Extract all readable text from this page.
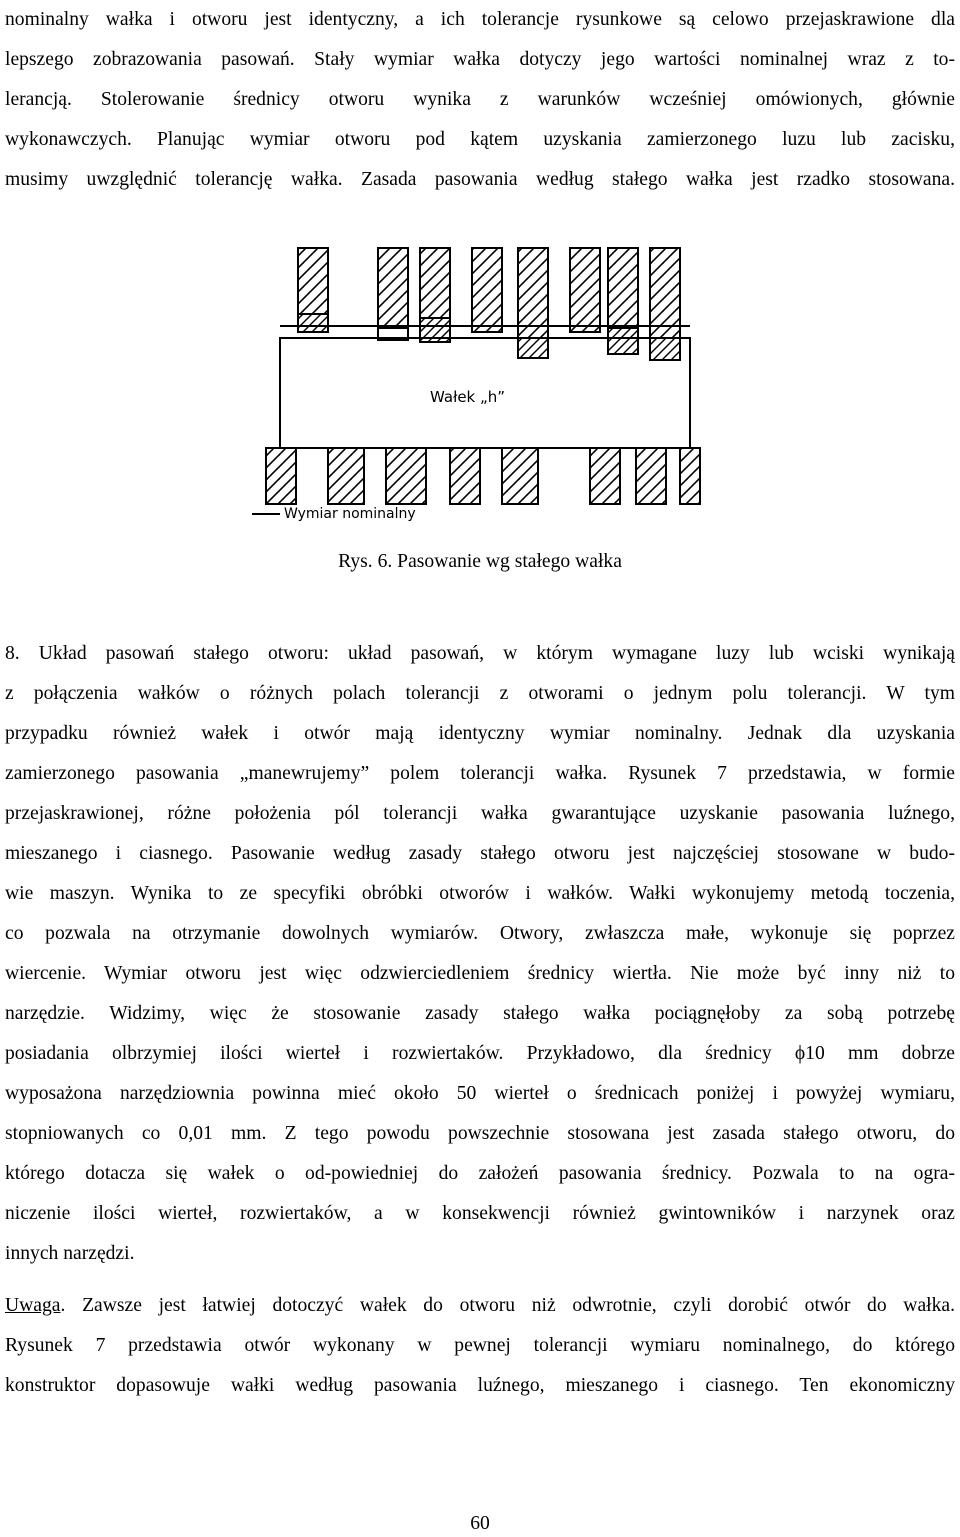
nominalny wałka i otworu jest identyczny, a ich tolerancje rysunkowe są celowo przejaskrawione dla
lepszego zobrazowania pasowań. Stały wymiar wałka dotyczy jego wartości nominalnej wraz z to-
lerancją. Stolerowanie średnicy otworu wynika z warunków wcześniej omówionych, głównie
wykonawczych. Planując wymiar otworu pod kątem uzyskania zamierzonego luzu lub zacisku,
musimy uwzględnić tolerancję wałka. Zasada pasowania według stałego wałka jest rzadko stosowana.
Wałek „h”
Wymiar nominalny
Rys. 6. Pasowanie wg stałego wałka
8. Układ pasowań stałego otworu: układ pasowań, w którym wymagane luzy lub wciski wynikają
z połączenia wałków o różnych polach tolerancji z otworami o jednym polu tolerancji. W tym
przypadku również wałek i otwór mają identyczny wymiar nominalny. Jednak dla uzyskania
zamierzonego pasowania „manewrujemy” polem tolerancji wałka. Rysunek 7 przedstawia, w formie
przejaskrawionej, różne położenia pól tolerancji wałka gwarantujące uzyskanie pasowania luźnego,
mieszanego i ciasnego. Pasowanie według zasady stałego otworu jest najczęściej stosowane w budo-
wie maszyn. Wynika to ze specyfiki obróbki otworów i wałków. Wałki wykonujemy metodą toczenia,
co pozwala na otrzymanie dowolnych wymiarów. Otwory, zwłaszcza małe, wykonuje się poprzez
wiercenie. Wymiar otworu jest więc odzwierciedleniem średnicy wiertła. Nie może być inny niż to
narzędzie. Widzimy, więc że stosowanie zasady stałego wałka pociągnęłoby za sobą potrzebę
posiadania olbrzymiej ilości wierteł i rozwiertaków. Przykładowo, dla średnicy ϕ10 mm dobrze
wyposażona narzędziownia powinna mieć około 50 wierteł o średnicach poniżej i powyżej wymiaru,
stopniowanych co 0,01 mm. Z tego powodu powszechnie stosowana jest zasada stałego otworu, do
którego dotacza się wałek o od-powiedniej do założeń pasowania średnicy. Pozwala to na ogra-
niczenie ilości wierteł, rozwiertaków, a w konsekwencji również gwintowników i narzynek oraz
innych narzędzi.
Uwaga. Zawsze jest łatwiej dotoczyć wałek do otworu niż odwrotnie, czyli dorobić otwór do wałka.
Rysunek 7 przedstawia otwór wykonany w pewnej tolerancji wymiaru nominalnego, do którego
konstruktor dopasowuje wałki według pasowania luźnego, mieszanego i ciasnego. Ten ekonomiczny
60
